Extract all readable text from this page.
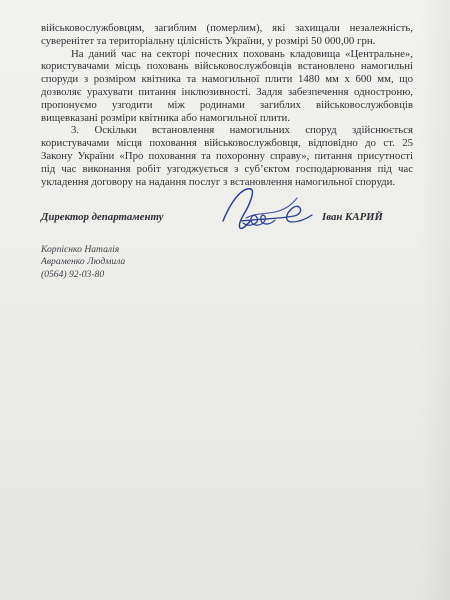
військовослужбовцям, загиблим (померлим), які захищали незалежність,
суверенітет та територіальну цілісність України, у розмірі 50 000,00 грн.
На даний час на секторі почесних поховань кладовища «Центральне»,
користувачами місць поховань військовослужбовців встановлено намогильні
споруди з розміром квітника та намогильної плити 1480 мм х 600 мм, що
дозволяє урахувати питання інклюзивності. Задля забезпечення одностроню,
пропонуємо узгодити між родинами загиблих військовослужбовців
вищевказані розміри квітника або намогильної плити.
3. Оскільки встановлення намогильних споруд здійснюється
користувачами місця поховання військовослужбовця, відповідно до ст. 25
Закону України «Про поховання та похоронну справу», питання присутності
під час виконання робіт узгоджується з суб’єктом господарювання під час
укладення договору на надання послуг з встановлення намогильної споруди.
Директор департаменту	Іван КАРИЙ
Корпієнко Наталія
Авраменко Людмила
(0564) 92-03-80
